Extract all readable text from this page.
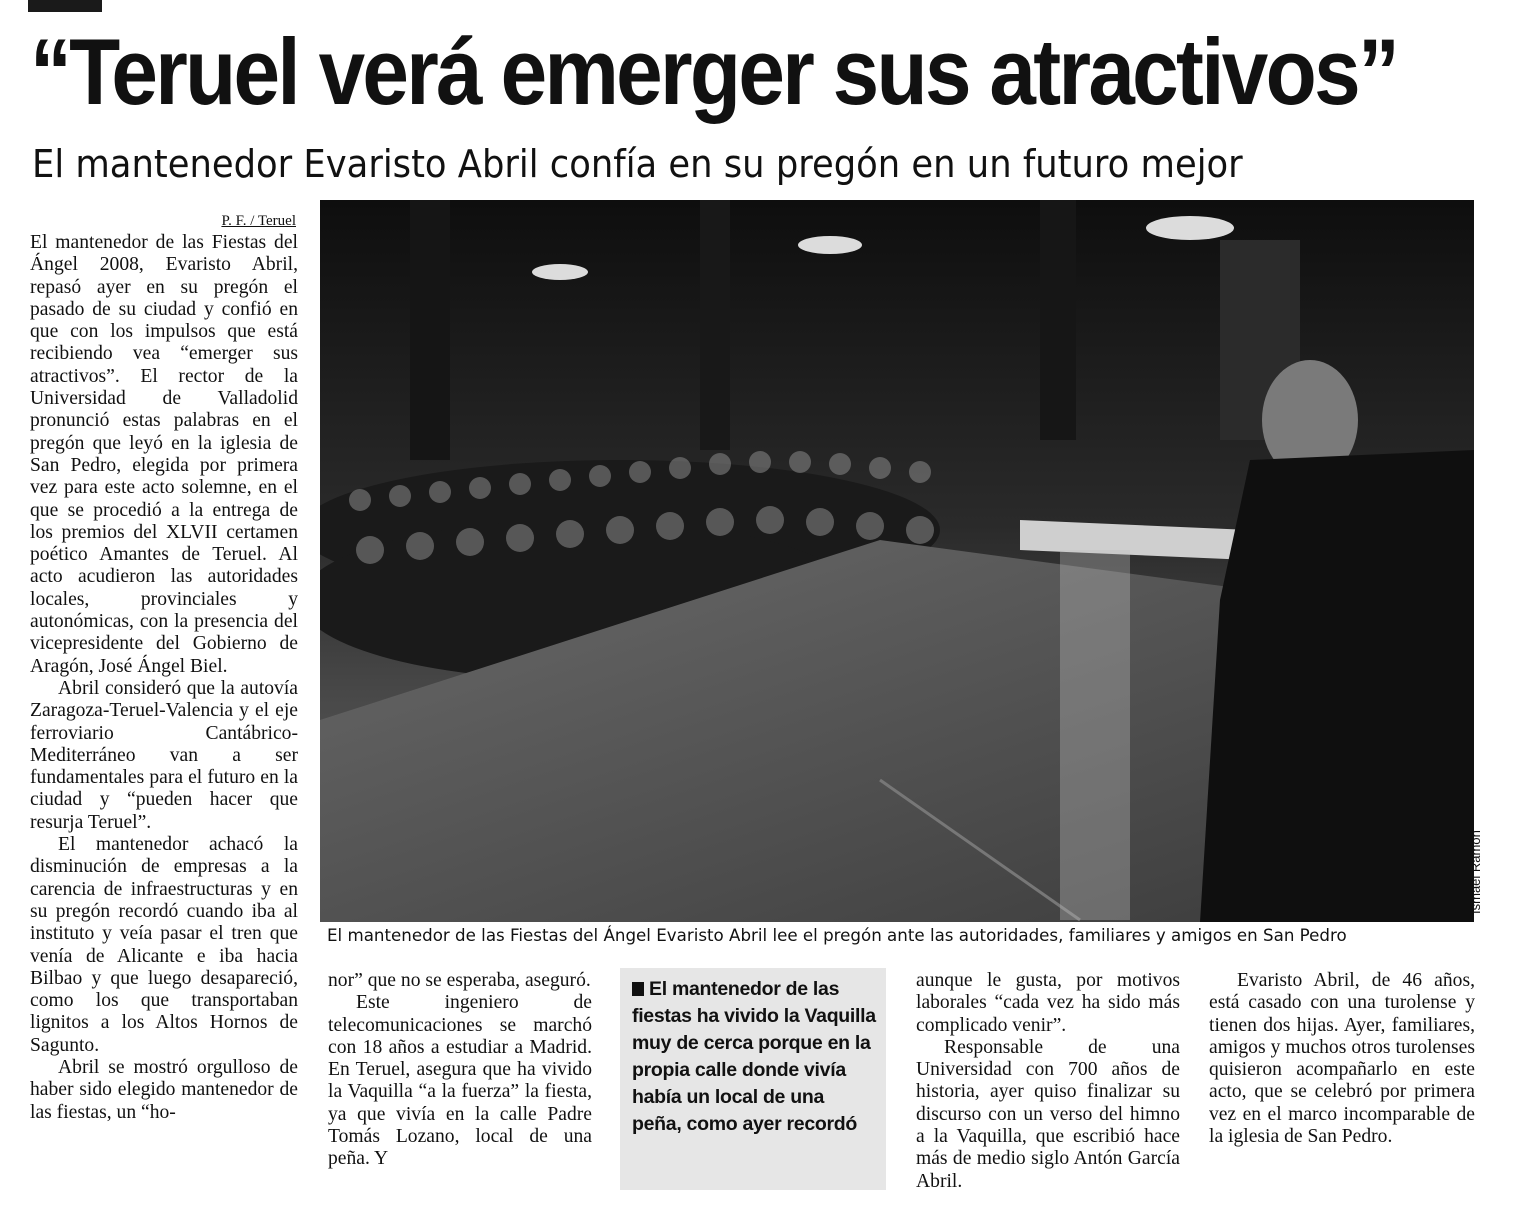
“Teruel verá emerger sus atractivos”
El mantenedor Evaristo Abril confía en su pregón en un futuro mejor
P. F. / Teruel

El mantenedor de las Fiestas del Ángel 2008, Evaristo Abril, repasó ayer en su pregón el pasado de su ciudad y confió en que con los impulsos que está recibiendo vea “emerger sus atractivos”. El rector de la Universidad de Valladolid pronunció estas palabras en el pregón que leyó en la iglesia de San Pedro, elegida por primera vez para este acto solemne, en el que se procedió a la entrega de los premios del XLVII certamen poético Amantes de Teruel. Al acto acudieron las autoridades locales, provinciales y autonómicas, con la presencia del vicepresidente del Gobierno de Aragón, José Ángel Biel.

Abril consideró que la autovía Zaragoza-Teruel-Valencia y el eje ferroviario Cantábrico-Mediterráneo van a ser fundamentales para el futuro en la ciudad y “pueden hacer que resurja Teruel”.

El mantenedor achacó la disminución de empresas a la carencia de infraestructuras y en su pregón recordó cuando iba al instituto y veía pasar el tren que venía de Alicante e iba hacia Bilbao y que luego desapareció, como los que transportaban lignitos a los Altos Hornos de Sagunto.

Abril se mostró orgulloso de haber sido elegido mantenedor de las fiestas, un “ho-

Ismael Ramón
El mantenedor de las Fiestas del Ángel Evaristo Abril lee el pregón ante las autoridades, familiares y amigos en San Pedro

nor” que no se esperaba, aseguró.

Este ingeniero de telecomunicaciones se marchó con 18 años a estudiar a Madrid. En Teruel, asegura que ha vivido la Vaquilla “a la fuerza” la fiesta, ya que vivía en la calle Padre Tomás Lozano, local de una peña. Y

El mantenedor de las fiestas ha vivido la Vaquilla muy de cerca porque en la propia calle donde vivía había un local de una peña, como ayer recordó

aunque le gusta, por motivos laborales “cada vez ha sido más complicado venir”.

Responsable de una Universidad con 700 años de historia, ayer quiso finalizar su discurso con un verso del himno a la Vaquilla, que escribió hace más de medio siglo Antón García Abril.

Evaristo Abril, de 46 años, está casado con una turolense y tienen dos hijas. Ayer, familiares, amigos y muchos otros turolenses quisieron acompañarlo en este acto, que se celebró por primera vez en el marco incomparable de la iglesia de San Pedro.
